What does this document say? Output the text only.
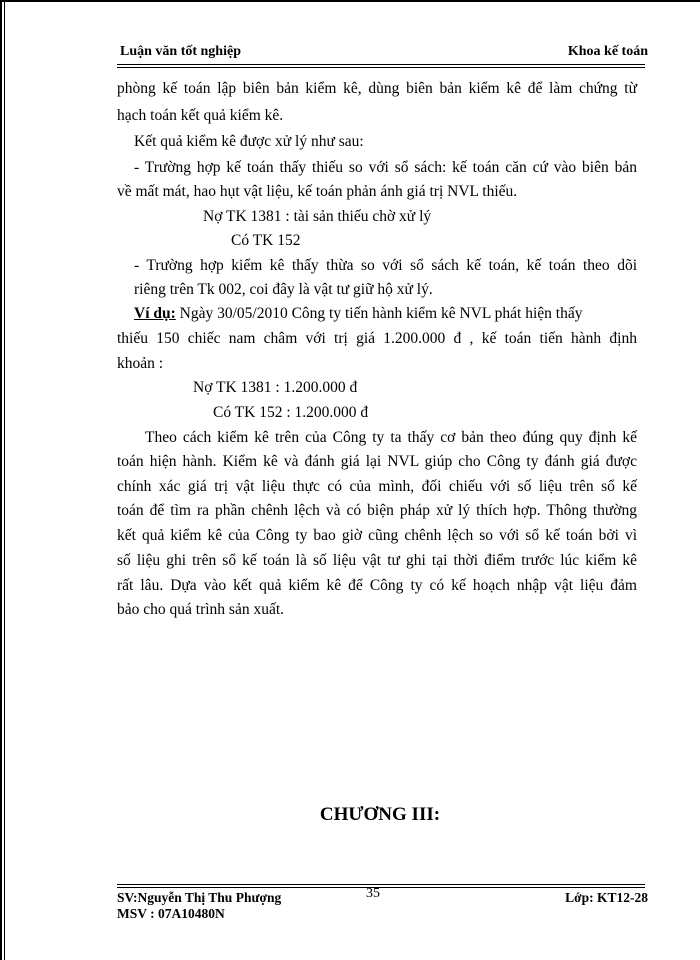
Luận văn tốt nghiệp	Khoa kế toán
phòng kế toán lập biên bản kiểm kê, dùng biên bản kiểm kê để làm chứng từ
hạch toán kết quả kiểm kê.
Kết quả kiểm kê được xử lý như sau:
- Trường hợp kế toán thấy thiếu so với sổ sách: kế toán căn cứ vào biên bản
về mất mát, hao hụt vật liệu, kế toán phản ánh giá trị NVL thiếu.
Nợ TK 1381 : tài sản thiếu chờ xử lý
Có TK 152
- Trường hợp kiểm kê thấy thừa so với sổ sách kế toán, kế toán theo dõi
riêng trên Tk 002, coi đây là vật tư giữ hộ xử lý.
Ví dụ: Ngày 30/05/2010 Công ty tiến hành kiểm kê NVL phát hiện thấy
thiếu 150 chiếc nam châm với trị giá 1.200.000 đ , kế toán tiến hành định
khoản :
Nợ TK 1381 : 1.200.000 đ
Có TK 152 : 1.200.000 đ
Theo cách kiểm kê trên của Công ty ta thấy cơ bản theo đúng quy định kế
toán hiện hành. Kiểm kê và đánh giá lại NVL giúp cho Công ty đánh giá được
chính xác giá trị vật liệu thực có của mình, đối chiếu với số liệu trên sổ kế
toán để tìm ra phần chênh lệch và có biện pháp xử lý thích hợp. Thông thường
kết quả kiểm kê của Công ty bao giờ cũng chênh lệch so với sổ kế toán bởi vì
số liệu ghi trên sổ kế toán là số liệu vật tư ghi tại thời điểm trước lúc kiểm kê
rất lâu. Dựa vào kết quả kiểm kê để Công ty có kế hoạch nhập vật liệu đảm
bảo cho quá trình sản xuất.
CHƯƠNG III:
SV:Nguyễn Thị Thu Phượng
MSV : 07A10480N
35	Lớp: KT12-28
